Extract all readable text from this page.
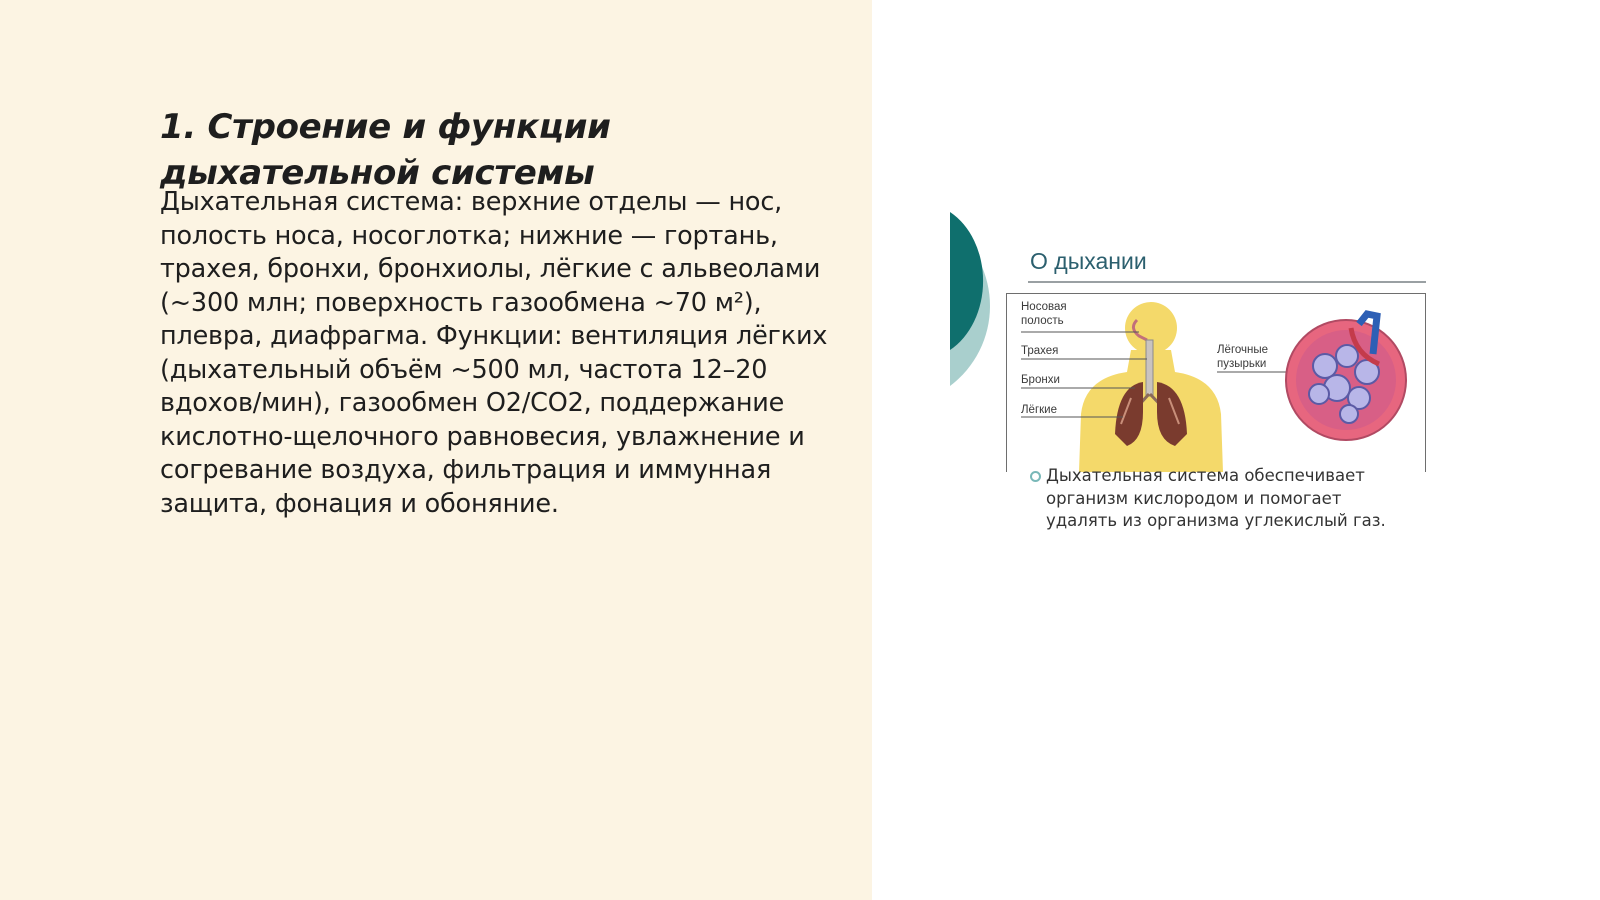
1. Строение и функции дыхательной системы

Дыхательная система: верхние отделы — нос, полость носа, носоглотка; нижние — гортань, трахея, бронхи, бронхиолы, лёгкие с альвеолами (~300 млн; поверхность газообмена ~70 м²), плевра, диафрагма. Функции: вентиляция лёгких (дыхательный объём ~500 мл, частота 12–20 вдохов/мин), газообмен O2/CO2, поддержание кислотно-щелочного равновесия, увлажнение и согревание воздуха, фильтрация и иммунная защита, фонация и обоняние.

О дыхании
Носовая полость
Трахея
Бронхи
Лёгкие
Лёгочные пузырьки
Дыхательная система обеспечивает организм кислородом и помогает удалять из организма углекислый газ.
